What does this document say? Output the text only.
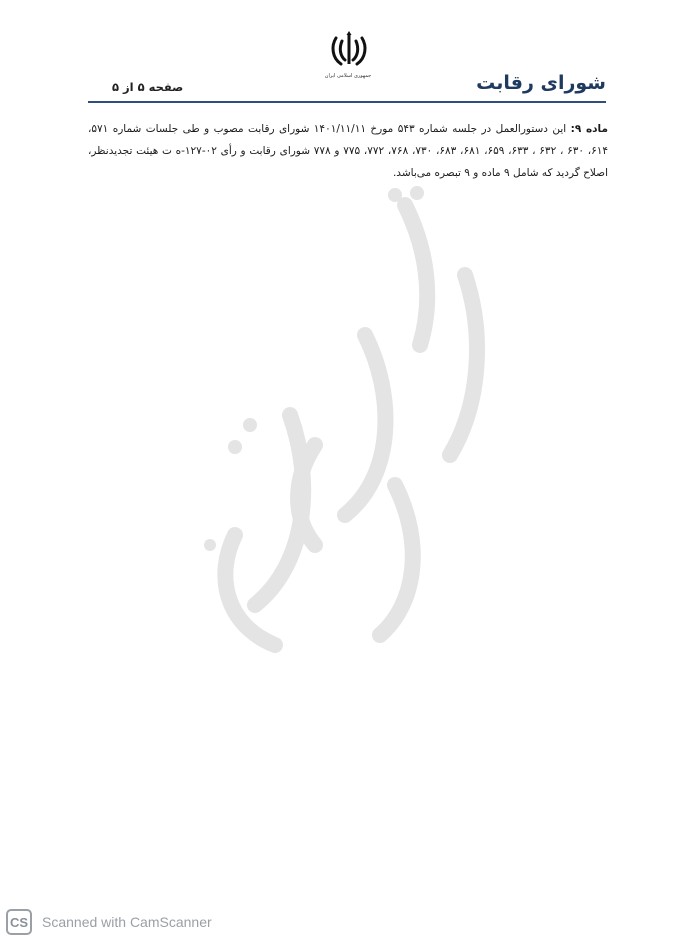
جمهوری اسلامی ایران	شورای رقابت
صفحه ۵ از ۵

ماده ۹: این دستورالعمل در جلسه شماره ۵۴۳ مورخ ۱۴۰۱/۱۱/۱۱ شورای رقابت مصوب و طی جلسات شماره ۵۷۱، ۶۱۴، ۶۳۰ ، ۶۳۲ ، ۶۳۳، ۶۵۹، ۶۸۱، ۶۸۳، ۷۳۰، ۷۶۸، ۷۷۲، ۷۷۵ و ۷۷۸ شورای رقابت و رأی ۰۲-۱۲۷-ه ت هیئت تجدیدنظر، اصلاح گردید که شامل ۹ ماده و ۹ تبصره می‌باشد.

CS Scanned with CamScanner
